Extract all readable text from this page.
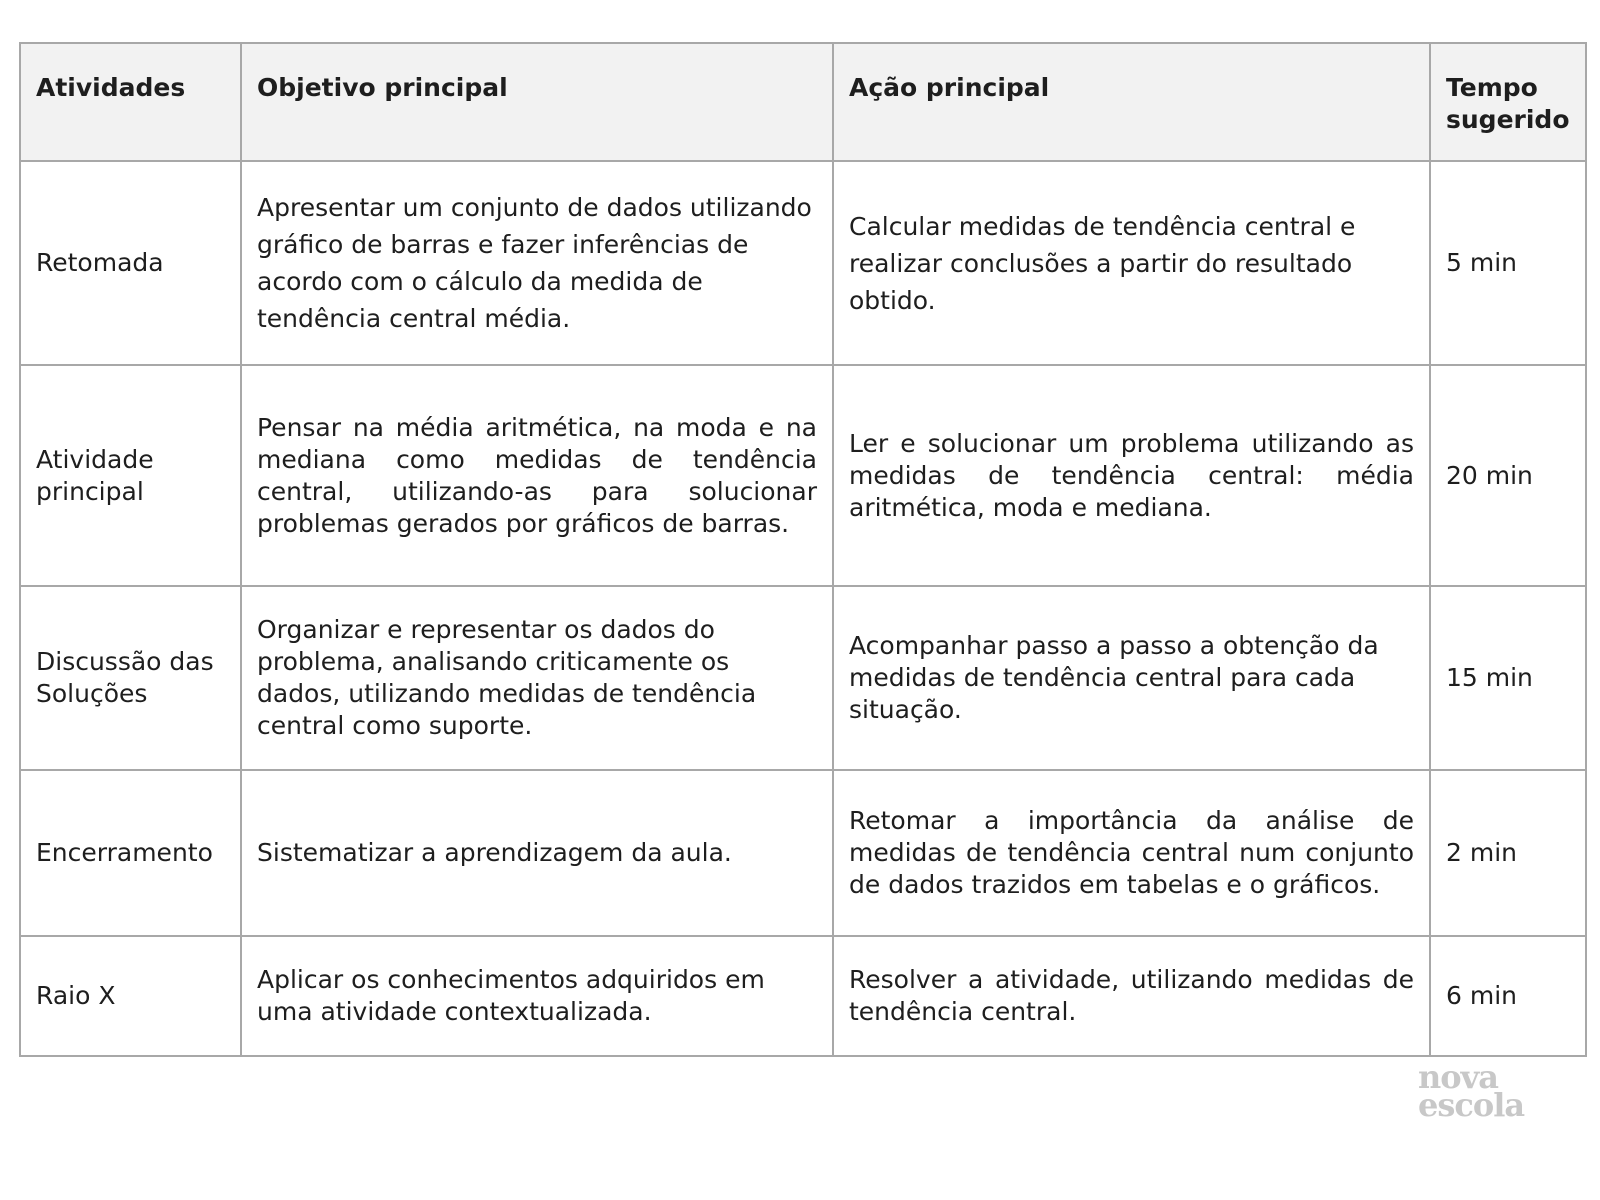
Atividades	Objetivo principal	Ação principal	Tempo sugerido
Retomada	Apresentar um conjunto de dados utilizando gráfico de barras e fazer inferências de acordo com o cálculo da medida de tendência central média.	Calcular medidas de tendência central e realizar conclusões a partir do resultado obtido.	5 min
Atividade principal	Pensar na média aritmética, na moda e na mediana como medidas de tendência central, utilizando-as para solucionar problemas gerados por gráficos de barras.	Ler e solucionar um problema utilizando as medidas de tendência central: média aritmética, moda e mediana.	20 min
Discussão das Soluções	Organizar e representar os dados do problema, analisando criticamente os dados, utilizando medidas de tendência central como suporte.	Acompanhar passo a passo a obtenção da medidas de tendência central para cada situação.	15 min
Encerramento	Sistematizar a aprendizagem da aula.	Retomar a importância da análise de medidas de tendência central num conjunto de dados trazidos em tabelas e o gráficos.	2 min
Raio X	Aplicar os conhecimentos adquiridos em uma atividade contextualizada.	Resolver a atividade, utilizando medidas de tendência central.	6 min
nova
escola
